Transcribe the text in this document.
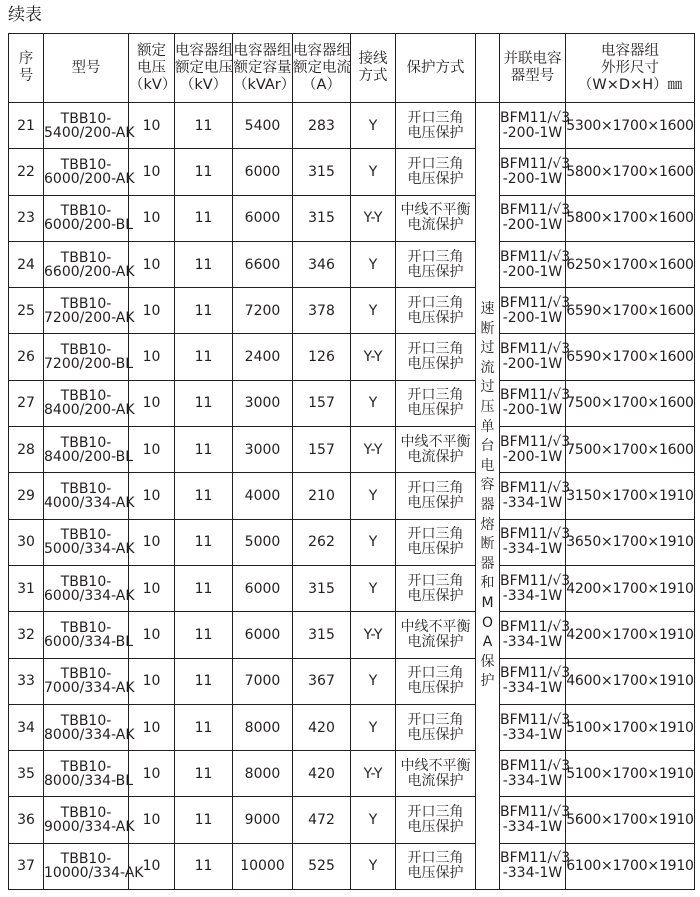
续表
序
号	型号	额定
电压
（kV）	电容器组
额定电压
（kV）	电容器组
额定容量
（kVAr）	电容器组
额定电流
（A）	接线
方式	保护方式		并联电容
器型号	电容器组
外形尺寸
（W×D×H）㎜

21	TBB10-
5400/200-AK	10	11	5400	283	Y	开口三角
电压保护	速断过流过压单台电容器熔断器和MOA保护	BFM11/√3
-200-1W	5300×1700×1600
22	TBB10-
6000/200-AK	10	11	6000	315	Y	开口三角
电压保护		BFM11/√3
-200-1W	5800×1700×1600
23	TBB10-
6000/200-BL	10	11	6000	315	Y-Y	中线不平衡
电流保护		BFM11/√3
-200-1W	5800×1700×1600
24	TBB10-
6600/200-AK	10	11	6600	346	Y	开口三角
电压保护		BFM11/√3
-200-1W	6250×1700×1600
25	TBB10-
7200/200-AK	10	11	7200	378	Y	开口三角
电压保护		BFM11/√3
-200-1W	6590×1700×1600
26	TBB10-
7200/200-BL	10	11	2400	126	Y-Y	开口三角
电压保护		BFM11/√3
-200-1W	6590×1700×1600
27	TBB10-
8400/200-AK	10	11	3000	157	Y	开口三角
电压保护		BFM11/√3
-200-1W	7500×1700×1600
28	TBB10-
8400/200-BL	10	11	3000	157	Y-Y	中线不平衡
电流保护		BFM11/√3
-200-1W	7500×1700×1600
29	TBB10-
4000/334-AK	10	11	4000	210	Y	开口三角
电压保护		BFM11/√3
-334-1W	3150×1700×1910
30	TBB10-
5000/334-AK	10	11	5000	262	Y	开口三角
电压保护		BFM11/√3
-334-1W	3650×1700×1910
31	TBB10-
6000/334-AK	10	11	6000	315	Y	开口三角
电压保护		BFM11/√3
-334-1W	4200×1700×1910
32	TBB10-
6000/334-BL	10	11	6000	315	Y-Y	中线不平衡
电流保护		BFM11/√3
-334-1W	4200×1700×1910
33	TBB10-
7000/334-AK	10	11	7000	367	Y	开口三角
电压保护		BFM11/√3
-334-1W	4600×1700×1910
34	TBB10-
8000/334-AK	10	11	8000	420	Y	开口三角
电压保护		BFM11/√3
-334-1W	5100×1700×1910
35	TBB10-
8000/334-BL	10	11	8000	420	Y-Y	中线不平衡
电流保护		BFM11/√3
-334-1W	5100×1700×1910
36	TBB10-
9000/334-AK	10	11	9000	472	Y	开口三角
电压保护		BFM11/√3
-334-1W	5600×1700×1910
37	TBB10-
10000/334-AK	10	11	10000	525	Y	开口三角
电压保护		BFM11/√3
-334-1W	6100×1700×1910
